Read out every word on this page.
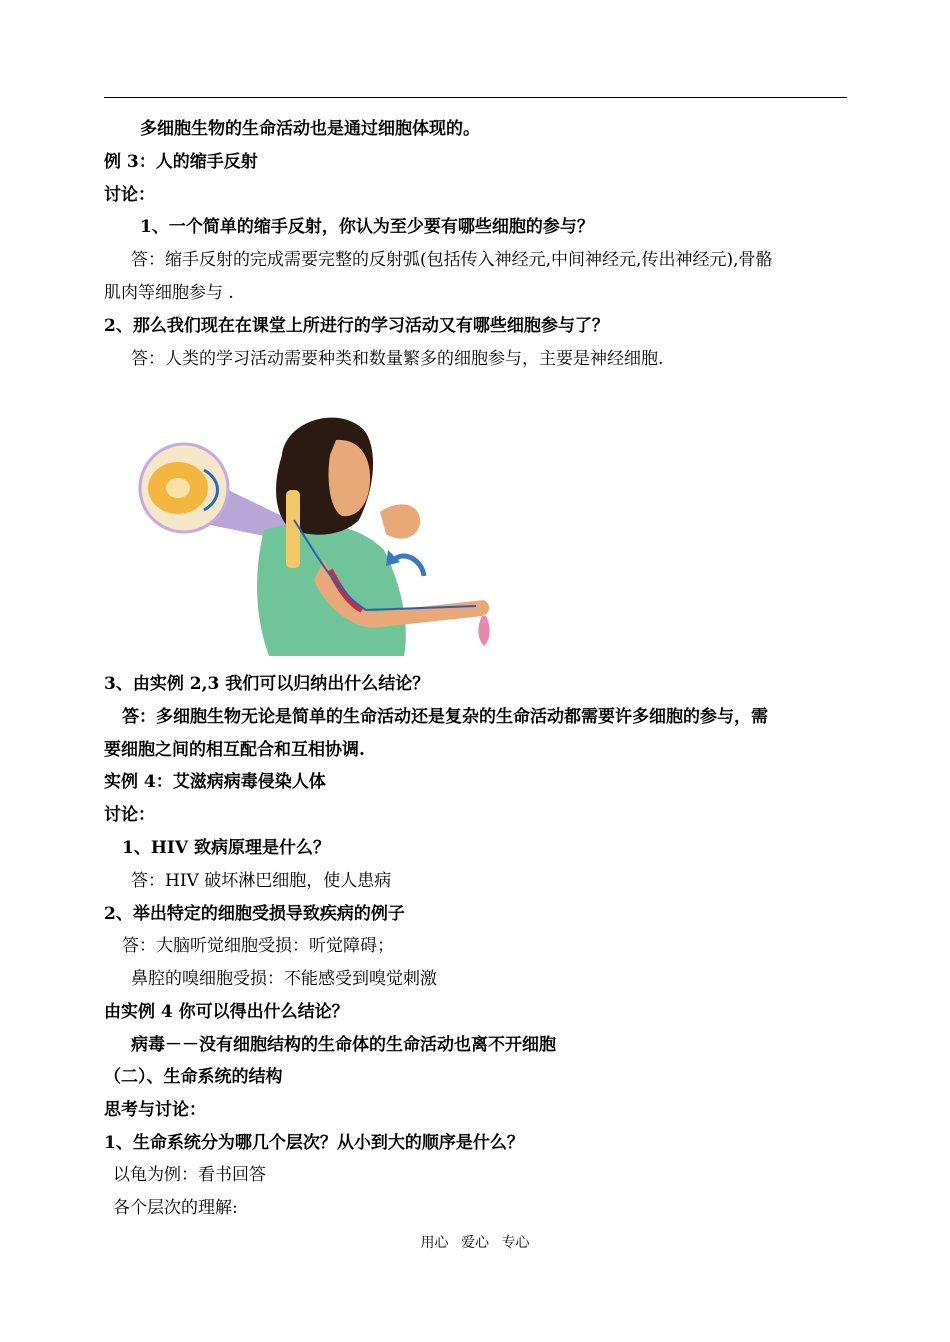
多细胞生物的生命活动也是通过细胞体现的。
例 3：人的缩手反射
讨论：
1、一个简单的缩手反射，你认为至少要有哪些细胞的参与？
答：缩手反射的完成需要完整的反射弧(包括传入神经元,中间神经元,传出神经元),骨骼
肌肉等细胞参与 .
2、那么我们现在在课堂上所进行的学习活动又有哪些细胞参与了？
答：人类的学习活动需要种类和数量繁多的细胞参与，主要是神经细胞.
3、由实例 2,3 我们可以归纳出什么结论？
答：多细胞生物无论是简单的生命活动还是复杂的生命活动都需要许多细胞的参与，需
要细胞之间的相互配合和互相协调.
实例 4：艾滋病病毒侵染人体
讨论：
1、HIV 致病原理是什么？
答：HIV 破坏淋巴细胞，使人患病
2、举出特定的细胞受损导致疾病的例子
答：大脑听觉细胞受损：听觉障碍；
鼻腔的嗅细胞受损：不能感受到嗅觉刺激
由实例 4 你可以得出什么结论？
病毒－－没有细胞结构的生命体的生命活动也离不开细胞
（二）、生命系统的结构
思考与讨论：
1、生命系统分为哪几个层次？从小到大的顺序是什么？
以龟为例：看书回答
各个层次的理解:
用心 爱心 专心
